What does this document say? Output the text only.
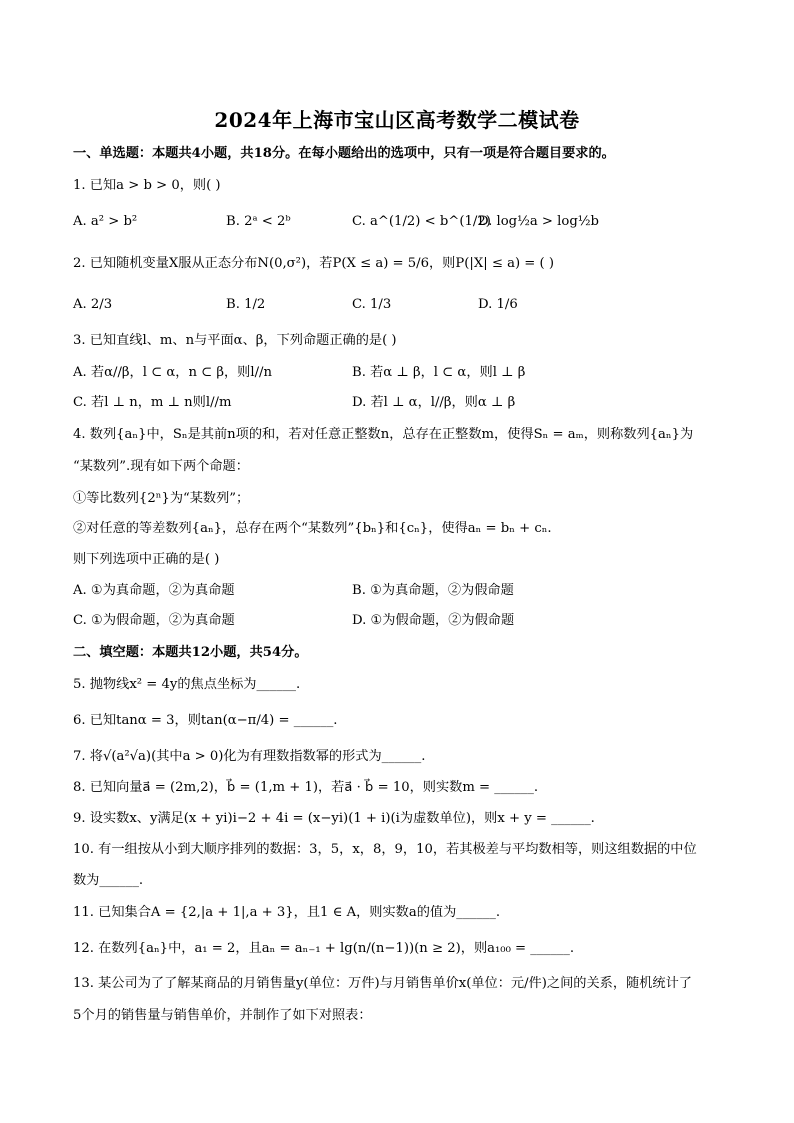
2024年上海市宝山区高考数学二模试卷
一、单选题：本题共4小题，共18分。在每小题给出的选项中，只有一项是符合题目要求的。
1. 已知a > b > 0，则( )
A. a² > b²	B. 2ᵃ < 2ᵇ	C. a^(1/2) < b^(1/2)
D. log½a > log½b
2. 已知随机变量X服从正态分布N(0,σ²)，若P(X ≤ a) = 5/6，则P(|X| ≤ a) = ( )
A. 2/3	B. 1/2	C. 1/3	D. 1/6
3. 已知直线l、m、n与平面α、β，下列命题正确的是( )
A. 若α//β，l ⊂ α，n ⊂ β，则l//n	B. 若α ⊥ β，l ⊂ α，则l ⊥ β
C. 若l ⊥ n，m ⊥ n则l//m	D. 若l ⊥ α，l//β，则α ⊥ β
4. 数列{aₙ}中，Sₙ是其前n项的和，若对任意正整数n，总存在正整数m，使得Sₙ = aₘ，则称数列{aₙ}为
“某数列”.现有如下两个命题：
①等比数列{2ⁿ}为“某数列”；
②对任意的等差数列{aₙ}，总存在两个“某数列”{bₙ}和{cₙ}，使得aₙ = bₙ + cₙ.
则下列选项中正确的是( )
A. ①为真命题，②为真命题	B. ①为真命题，②为假命题
C. ①为假命题，②为真命题	D. ①为假命题，②为假命题
二、填空题：本题共12小题，共54分。
5. 抛物线x² = 4y的焦点坐标为______.
6. 已知tanα = 3，则tan(α−π/4) = ______.
7. 将√(a²√a)(其中a > 0)化为有理数指数幂的形式为______.
8. 已知向量a⃗ = (2m,2)，b⃗ = (1,m + 1)，若a⃗ · b⃗ = 10，则实数m = ______.
9. 设实数x、y满足(x + yi)i−2 + 4i = (x−yi)(1 + i)(i为虚数单位)，则x + y = ______.
10. 有一组按从小到大顺序排列的数据：3，5，x，8，9，10，若其极差与平均数相等，则这组数据的中位
数为______.
11. 已知集合A = {2,|a + 1|,a + 3}，且1 ∈ A，则实数a的值为______.
12. 在数列{aₙ}中，a₁ = 2，且aₙ = aₙ₋₁ + lg(n/(n−1))(n ≥ 2)，则a₁₀₀ = ______.
13. 某公司为了了解某商品的月销售量y(单位：万件)与月销售单价x(单位：元/件)之间的关系，随机统计了
5个月的销售量与销售单价，并制作了如下对照表：
